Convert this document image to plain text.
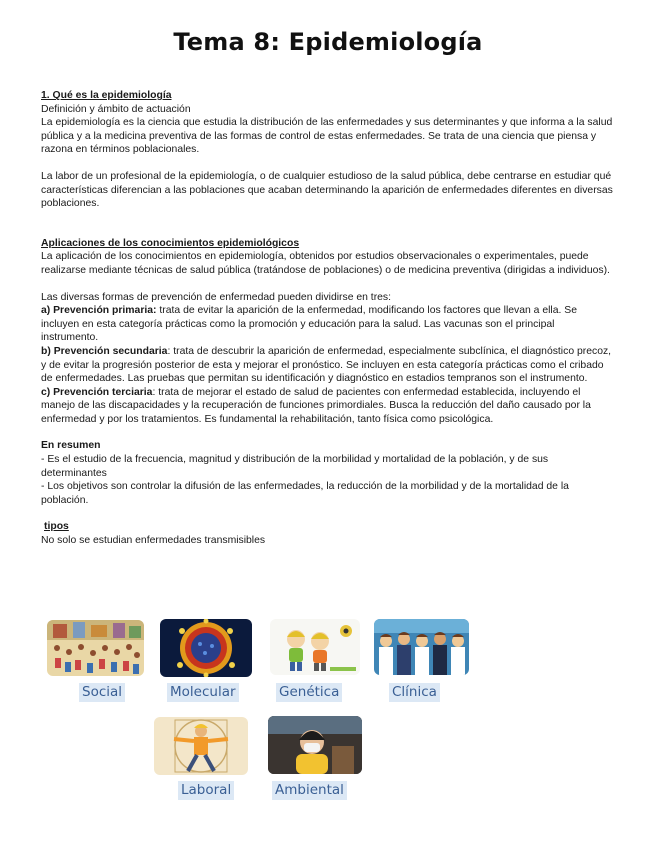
Tema 8: Epidemiología

1. Qué es la epidemiología

Definición y ámbito de actuación

La epidemiología es la ciencia que estudia la distribución de las enfermedades y sus determinantes y que informa a la salud pública y a la medicina preventiva de las formas de control de estas enfermedades. Se trata de una ciencia que piensa y razona en términos poblacionales.

La labor de un profesional de la epidemiología, o de cualquier estudioso de la salud pública, debe centrarse en estudiar qué características diferencian a las poblaciones que acaban determinando la aparición de enfermedades diferentes en diversas poblaciones.

Aplicaciones de los conocimientos epidemiológicos

La aplicación de los conocimientos en epidemiología, obtenidos por estudios observacionales o experimentales, puede realizarse mediante técnicas de salud pública (tratándose de poblaciones) o de medicina preventiva (dirigidas a individuos).

Las diversas formas de prevención de enfermedad pueden dividirse en tres:

a) Prevención primaria: trata de evitar la aparición de la enfermedad, modificando los factores que llevan a ella. Se incluyen en esta categoría prácticas como la promoción y educación para la salud. Las vacunas son el principal instrumento.

b) Prevención secundaria: trata de descubrir la aparición de enfermedad, especialmente subclínica, el diagnóstico precoz, y de evitar la progresión posterior de esta y mejorar el pronóstico. Se incluyen en esta categoría prácticas como el cribado de enfermedades. Las pruebas que permitan su identificación y diagnóstico en estadios tempranos son el instrumento.

c) Prevención terciaria: trata de mejorar el estado de salud de pacientes con enfermedad establecida, incluyendo el manejo de las discapacidades y la recuperación de funciones primordiales. Busca la reducción del daño causado por la enfermedad y por los tratamientos. Es fundamental la rehabilitación, tanto física como psicológica.

En resumen

- Es el estudio de la frecuencia, magnitud y distribución de la morbilidad y mortalidad de la población, y de sus determinantes

- Los objetivos son controlar la difusión de las enfermedades, la reducción de la morbilidad y de la mortalidad de la población.

tipos

No solo se estudian enfermedades transmisibles

Social	Molecular	Genética	Clínica
Laboral	Ambiental
